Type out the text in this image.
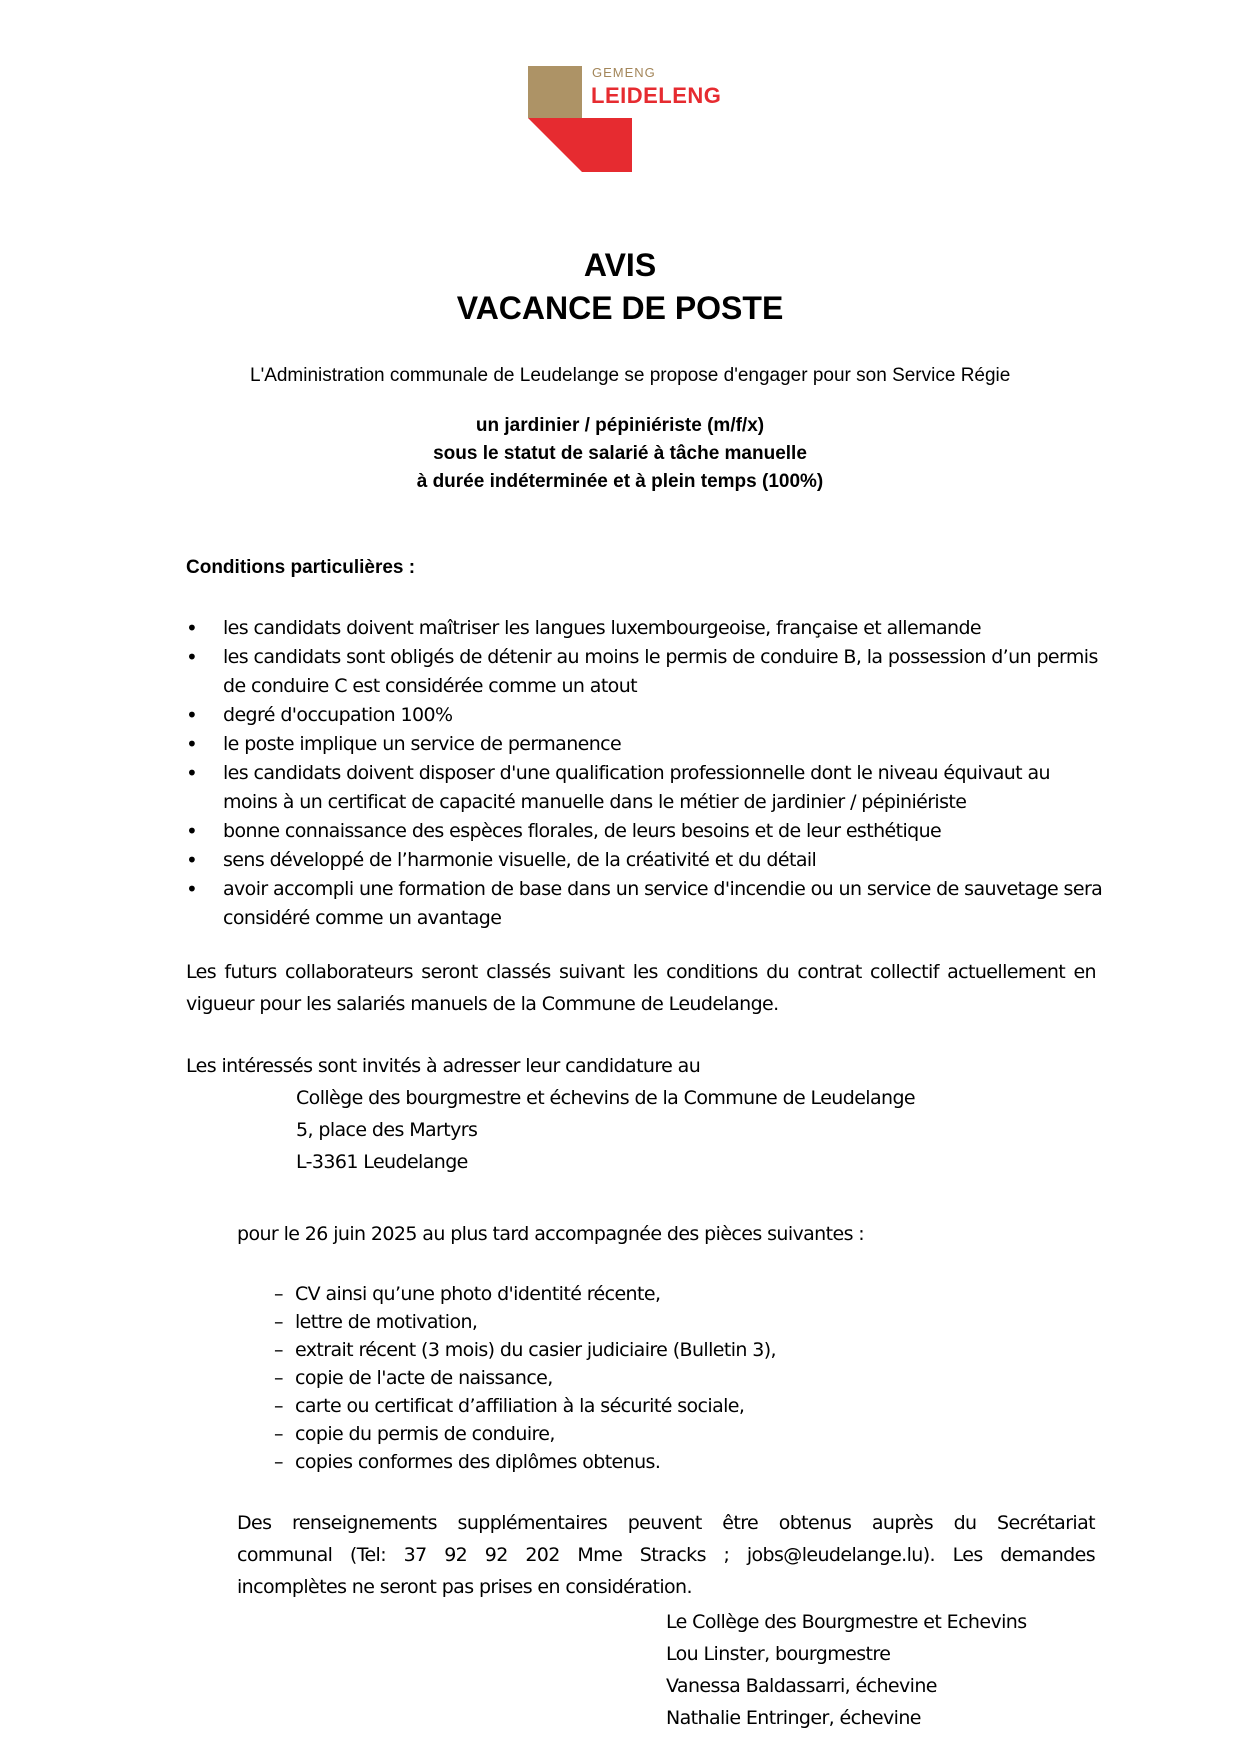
GEMENG
LEIDELENG
AVIS
VACANCE DE POSTE
L'Administration communale de Leudelange se propose d'engager pour son Service Régie
un jardinier / pépiniériste (m/f/x)
sous le statut de salarié à tâche manuelle
à durée indéterminée et à plein temps (100%)
Conditions particulières :
• les candidats doivent maîtriser les langues luxembourgeoise, française et allemande
• les candidats sont obligés de détenir au moins le permis de conduire B, la possession d’un permis de conduire C est considérée comme un atout
• degré d'occupation 100%
• le poste implique un service de permanence
• les candidats doivent disposer d'une qualification professionnelle dont le niveau équivaut au moins à un certificat de capacité manuelle dans le métier de jardinier / pépiniériste
• bonne connaissance des espèces florales, de leurs besoins et de leur esthétique
• sens développé de l’harmonie visuelle, de la créativité et du détail
• avoir accompli une formation de base dans un service d'incendie ou un service de sauvetage sera considéré comme un avantage
Les futurs collaborateurs seront classés suivant les conditions du contrat collectif actuellement en vigueur pour les salariés manuels de la Commune de Leudelange.
Les intéressés sont invités à adresser leur candidature au
Collège des bourgmestre et échevins de la Commune de Leudelange
5, place des Martyrs
L-3361 Leudelange
pour le 26 juin 2025 au plus tard accompagnée des pièces suivantes :
– CV ainsi qu’une photo d'identité récente,
– lettre de motivation,
– extrait récent (3 mois) du casier judiciaire (Bulletin 3),
– copie de l'acte de naissance,
– carte ou certificat d’affiliation à la sécurité sociale,
– copie du permis de conduire,
– copies conformes des diplômes obtenus.
Des renseignements supplémentaires peuvent être obtenus auprès du Secrétariat
communal (Tel: 37 92 92 202 Mme Stracks ; jobs@leudelange.lu). Les demandes
incomplètes ne seront pas prises en considération.
Le Collège des Bourgmestre et Echevins
Lou Linster, bourgmestre
Vanessa Baldassarri, échevine
Nathalie Entringer, échevine
